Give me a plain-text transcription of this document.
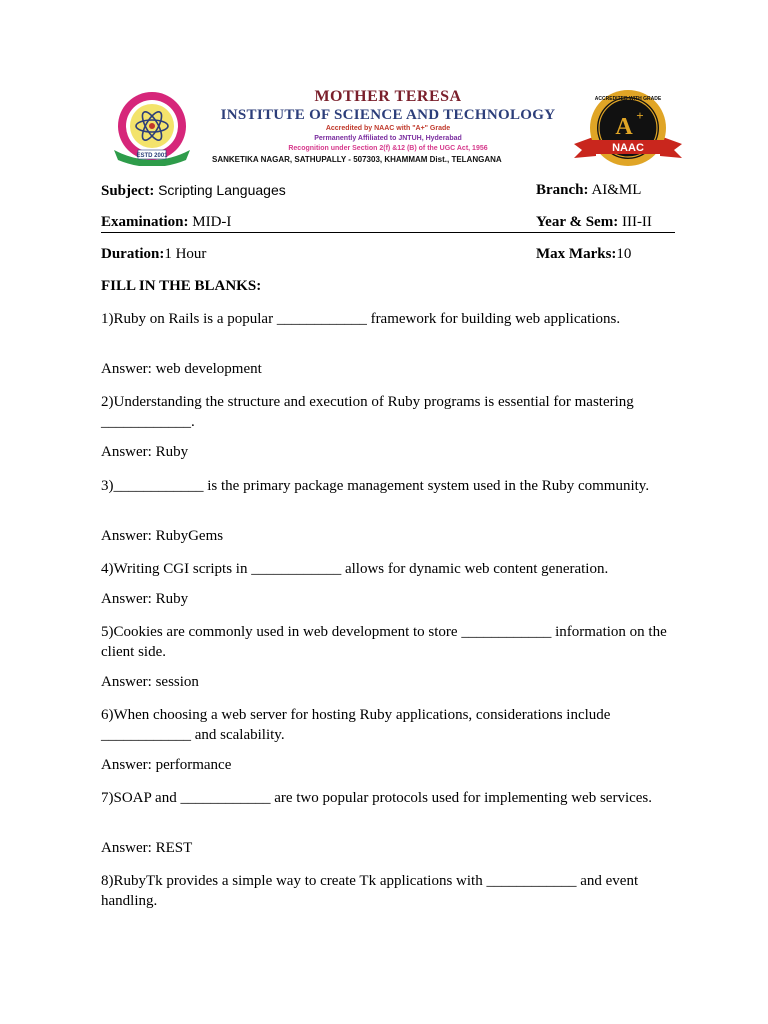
ESTD 2001
MOTHER TERESA
INSTITUTE OF SCIENCE AND TECHNOLOGY
Accredited by NAAC with "A+" Grade
Permanently Affiliated to JNTUH, Hyderabad
Recognition under Section 2(f) &12 (B) of the UGC Act, 1956
SANKETIKA NAGAR, SATHUPALLY - 507303, KHAMMAM Dist., TELANGANA
ACCREDITED WITH GRADE
A +
NAAC
Subject: Scripting Languages	Branch: AI&ML
Examination: MID-I	Year & Sem: III-II
Duration:1 Hour	Max Marks:10
FILL IN THE BLANKS:
1)Ruby on Rails is a popular ____________ framework for building web applications.
Answer: web development
2)Understanding the structure and execution of Ruby programs is essential for mastering ____________.
Answer: Ruby
3)____________ is the primary package management system used in the Ruby community.
Answer: RubyGems
4)Writing CGI scripts in ____________ allows for dynamic web content generation.
Answer: Ruby
5)Cookies are commonly used in web development to store ____________ information on the client side.
Answer: session
6)When choosing a web server for hosting Ruby applications, considerations include ____________ and scalability.
Answer: performance
7)SOAP and ____________ are two popular protocols used for implementing web services.
Answer: REST
8)RubyTk provides a simple way to create Tk applications with ____________ and event handling.
